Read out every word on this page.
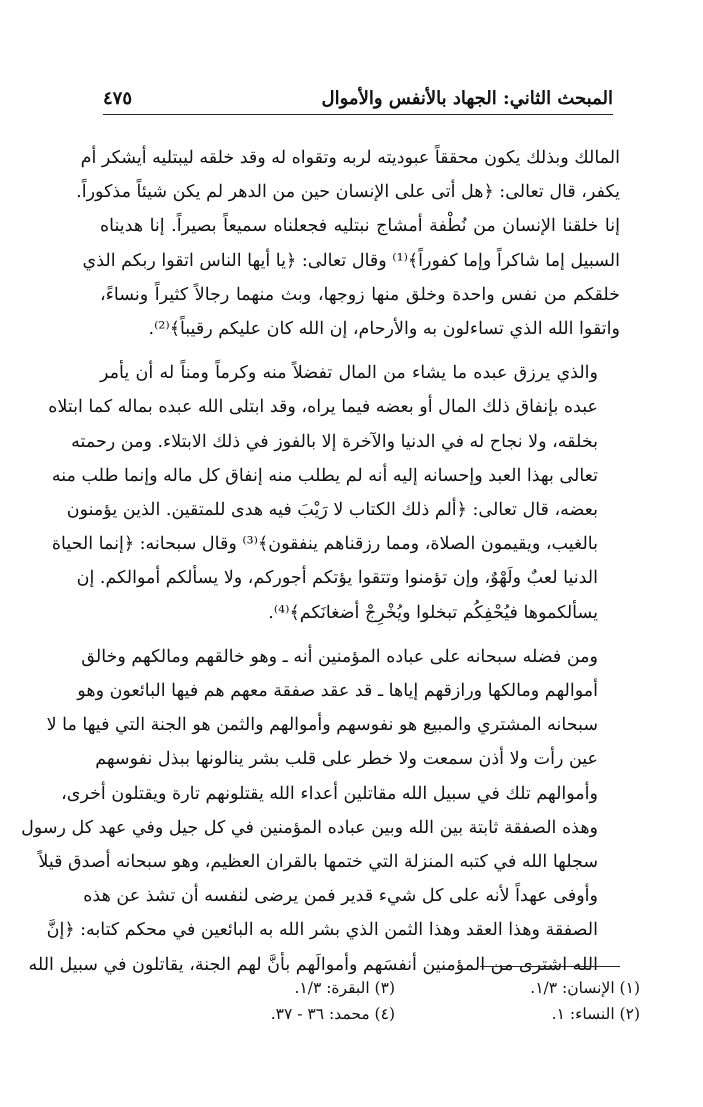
المبحث الثاني: الجهاد بالأنفس والأموال
٤٧٥

المالك وبذلك يكون محققاً عبوديته لربه وتقواه له وقد خلقه ليبتليه أيشكر أم
يكفر، قال تعالى: ﴿هل أتى على الإنسان حين من الدهر لم يكن شيئاً مذكوراً.
إنا خلقنا الإنسان من نُطْفة أمشاج نبتليه فجعلناه سميعاً بصيراً. إنا هديناه
السبيل إما شاكراً وإما كفوراً﴾⁽¹⁾ وقال تعالى: ﴿يا أيها الناس اتقوا ربكم الذي
خلقكم من نفس واحدة وخلق منها زوجها، وبث منهما رجالاً كثيراً ونساءً،
واتقوا الله الذي تساءلون به والأرحام، إن الله كان عليكم رقيباً﴾⁽²⁾.

والذي يرزق عبده ما يشاء من المال تفضلاً منه وكرماً ومناً له أن يأمر
عبده بإنفاق ذلك المال أو بعضه فيما يراه، وقد ابتلى الله عبده بماله كما ابتلاه
بخلقه، ولا نجاح له في الدنيا والآخرة إلا بالفوز في ذلك الابتلاء. ومن رحمته
تعالى بهذا العبد وإحسانه إليه أنه لم يطلب منه إنفاق كل ماله وإنما طلب منه
بعضه، قال تعالى: ﴿ألم ذلك الكتاب لا رَيْبَ فيه هدى للمتقين. الذين يؤمنون
بالغيب، ويقيمون الصلاة، ومما رزقناهم ينفقون﴾⁽³⁾ وقال سبحانه: ﴿إنما الحياة
الدنيا لعبٌ ولَهْوٌ، وإن تؤمنوا وتتقوا يؤتكم أجوركم، ولا يسألكم أموالكم. إن
يسألكموها فيُحْفِكُم تبخلوا ويُخْرِجْ أضغانَكم﴾⁽⁴⁾.

ومن فضله سبحانه على عباده المؤمنين أنه ـ وهو خالقهم ومالكهم وخالق
أموالهم ومالكها ورازقهم إياها ـ قد عقد صفقة معهم هم فيها البائعون وهو
سبحانه المشتري والمبيع هو نفوسهم وأموالهم والثمن هو الجنة التي فيها ما لا
عين رأت ولا أذن سمعت ولا خطر على قلب بشر ينالونها ببذل نفوسهم
وأموالهم تلك في سبيل الله مقاتلين أعداء الله يقتلونهم تارة ويقتلون أخرى،
وهذه الصفقة ثابتة بين الله وبين عباده المؤمنين في كل جيل وفي عهد كل رسول
سجلها الله في كتبه المنزلة التي ختمها بالقران العظيم، وهو سبحانه أصدق قيلاً
وأوفى عهداً لأنه على كل شيء قدير فمن يرضى لنفسه أن تشذ عن هذه
الصفقة وهذا العقد وهذا الثمن الذي بشر الله به البائعين في محكم كتابه: ﴿إنَّ
الله اشترى من المؤمنين أنفسَهم وأموالَهم بأنَّ لهم الجنة، يقاتلون في سبيل الله

(١) الإنسان: ١/٣.
(٣) البقرة: ١/٣.
(٢) النساء: ١.
(٤) محمد: ٣٦ - ٣٧.
